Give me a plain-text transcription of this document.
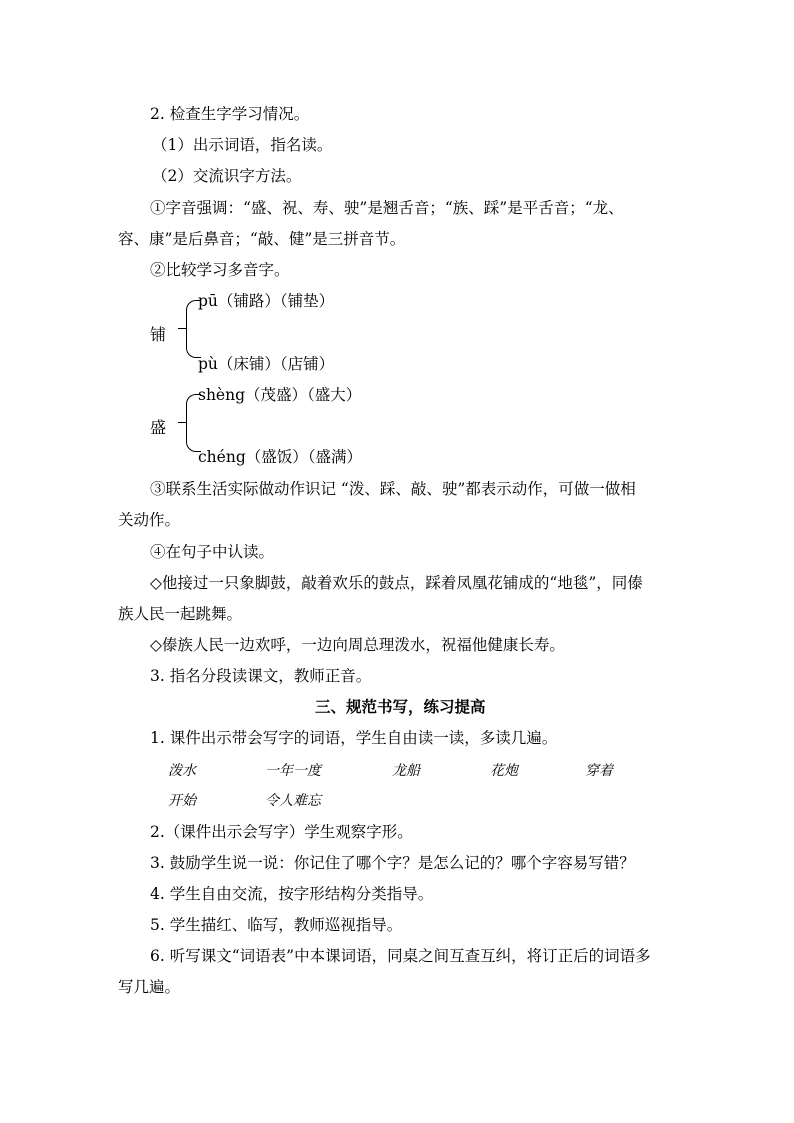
2. 检查生字学习情况。
（1）出示词语，指名读。
（2）交流识字方法。
①字音强调：“盛、祝、寿、驶”是翘舌音；“族、踩”是平舌音；“龙、
容、康”是后鼻音；“敲、健”是三拼音节。
②比较学习多音字。
铺
pū（铺路）（铺垫）
pù（床铺）（店铺）
盛
shèng（茂盛）（盛大）
chéng（盛饭）（盛满）
③联系生活实际做动作识记 “泼、踩、敲、驶”都表示动作，可做一做相
关动作。
④在句子中认读。
◇他接过一只象脚鼓，敲着欢乐的鼓点，踩着凤凰花铺成的“地毯”，同傣
族人民一起跳舞。
◇傣族人民一边欢呼，一边向周总理泼水，祝福他健康长寿。
3. 指名分段读课文，教师正音。
三、规范书写，练习提高
1. 课件出示带会写字的词语，学生自由读一读，多读几遍。
泼水	一年一度	龙船	花炮	穿着
开始	令人难忘
2.（课件出示会写字）学生观察字形。
3. 鼓励学生说一说：你记住了哪个字？是怎么记的？哪个字容易写错？
4. 学生自由交流，按字形结构分类指导。
5. 学生描红、临写，教师巡视指导。
6. 听写课文“词语表”中本课词语，同桌之间互查互纠，将订正后的词语多
写几遍。
